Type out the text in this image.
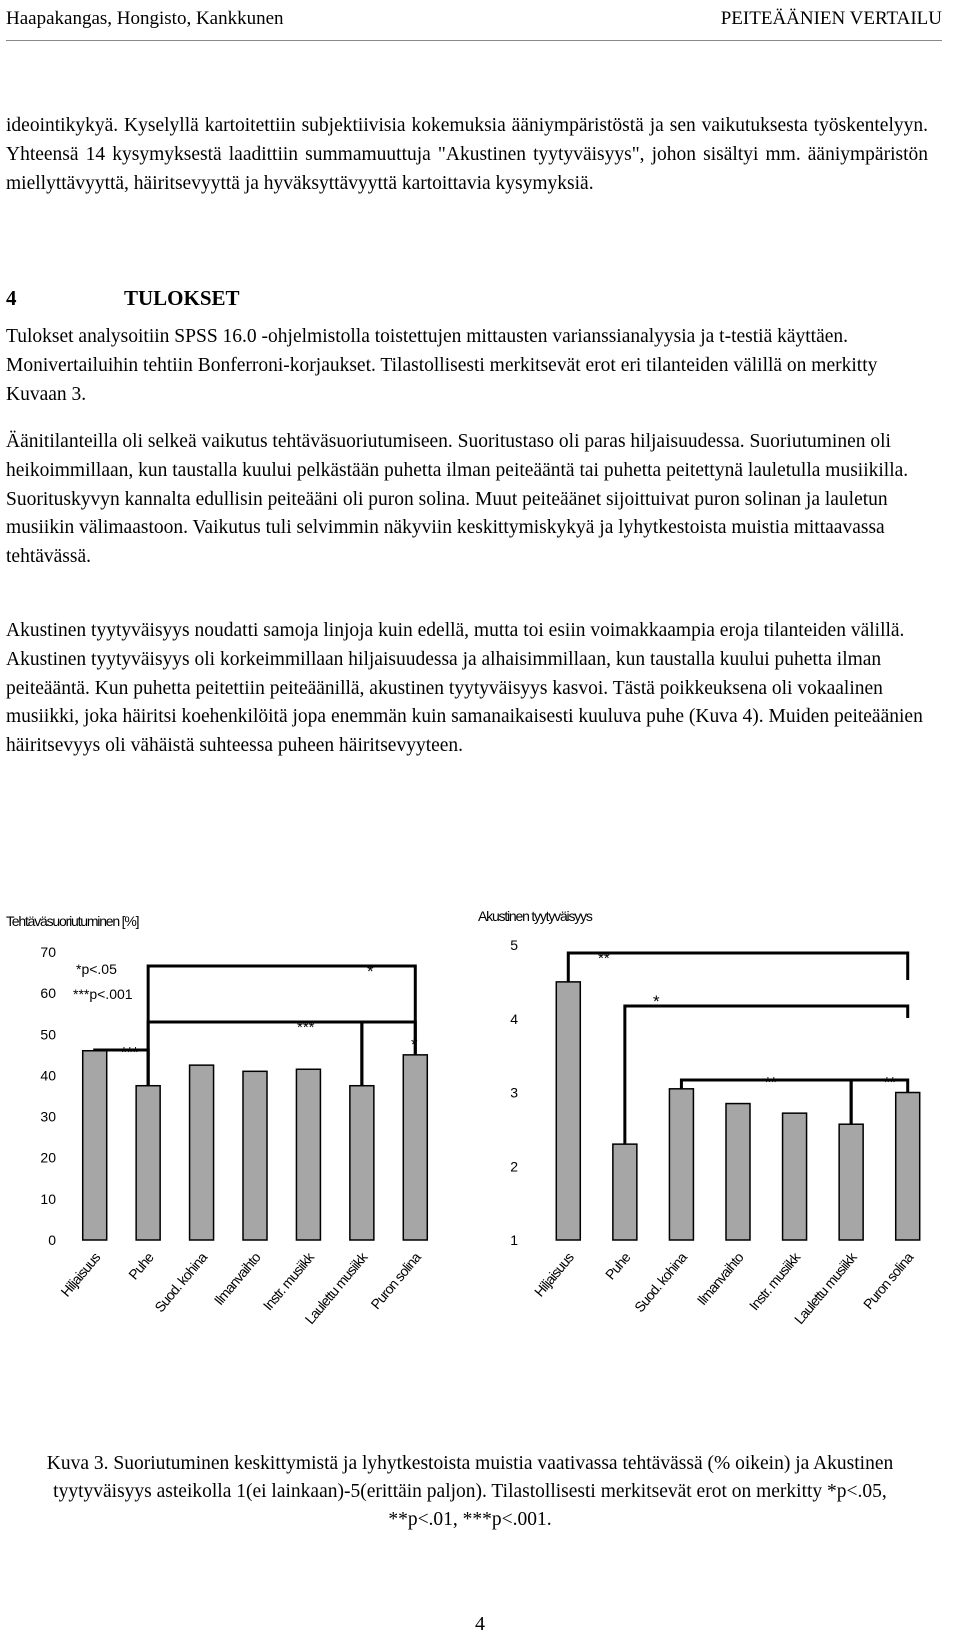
Haapakangas, Hongisto, Kankkunen	PEITEÄÄNIEN VERTAILU

ideointikykyä. Kyselyllä kartoitettiin subjektiivisia kokemuksia ääniympäristöstä ja sen vaikutuksesta työskentelyyn. Yhteensä 14 kysymyksestä laadittiin summamuuttuja "Akustinen tyytyväisyys", johon sisältyi mm. ääniympäristön miellyttävyyttä, häiritsevyyttä ja hyväksyttävyyttä kartoittavia kysymyksiä.

4	TULOKSET

Tulokset analysoitiin SPSS 16.0 -ohjelmistolla toistettujen mittausten varianssianalyysia ja t-testiä käyttäen. Monivertailuihin tehtiin Bonferroni-korjaukset. Tilastollisesti merkitsevät erot eri tilanteiden välillä on merkitty Kuvaan 3.

Äänitilanteilla oli selkeä vaikutus tehtäväsuoriutumiseen. Suoritustaso oli paras hiljaisuudessa. Suoriutuminen oli heikoimmillaan, kun taustalla kuului pelkästään puhetta ilman peiteääntä tai puhetta peitettynä lauletulla musiikilla. Suorituskyvyn kannalta edullisin peiteääni oli puron solina. Muut peiteäänet sijoittuivat puron solinan ja lauletun musiikin välimaastoon. Vaikutus tuli selvimmin näkyviin keskittymiskykyä ja lyhytkestoista muistia mittaavassa tehtävässä.

Akustinen tyytyväisyys noudatti samoja linjoja kuin edellä, mutta toi esiin voimakkaampia eroja tilanteiden välillä. Akustinen tyytyväisyys oli korkeimmillaan hiljaisuudessa ja alhaisimmillaan, kun taustalla kuului puhetta ilman peiteääntä. Kun puhetta peitettiin peiteäänillä, akustinen tyytyväisyys kasvoi. Tästä poikkeuksena oli vokaalinen musiikki, joka häiritsi koehenkilöitä jopa enemmän kuin samanaikaisesti kuuluva puhe (Kuva 4). Muiden peiteäänien häiritsevyys oli vähäistä suhteessa puheen häiritsevyyteen.

Tehtäväsuoriutuminen [%]
0
10
20
30
40
50
60
70
Hiljaisuus Puhe
Suod. kohina Ilmanvaihto
Instr. musiikk
Laulettu musiikk
Puron solina
*p<.05
***p<.001
***
***
*
*
Akustinen tyytyväisyys
1
2
3
4
5
Hiljaisuus Puhe
Suod. kohina Ilmanvaihto Instr. musiikk
Laulettu musiikk Puron solina
**
*
**	**
Kuva 3. Suoriutuminen keskittymistä ja lyhytkestoista muistia vaativassa tehtävässä (% oikein) ja Akustinen tyytyväisyys asteikolla 1(ei lainkaan)-5(erittäin paljon). Tilastollisesti merkitsevät erot on merkitty *p<.05, **p<.01, ***p<.001.
4
